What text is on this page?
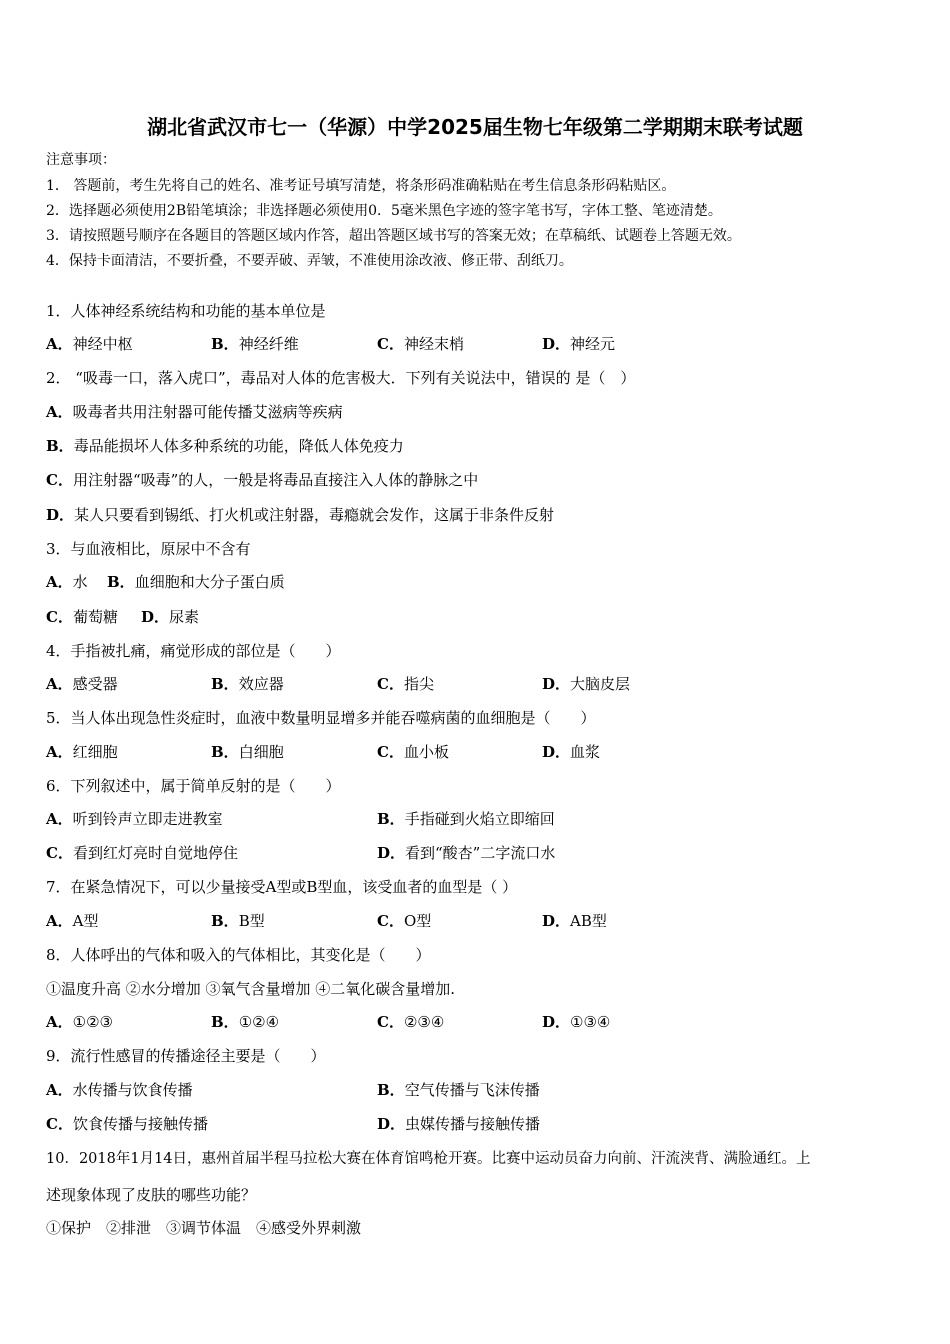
湖北省武汉市七一（华源）中学2025届生物七年级第二学期期末联考试题
注意事项：
1． 答题前，考生先将自己的姓名、准考证号填写清楚，将条形码准确粘贴在考生信息条形码粘贴区。
2．选择题必须使用2B铅笔填涂；非选择题必须使用0．5毫米黑色字迹的签字笔书写，字体工整、笔迹清楚。
3．请按照题号顺序在各题目的答题区域内作答，超出答题区域书写的答案无效；在草稿纸、试题卷上答题无效。
4．保持卡面清洁，不要折叠，不要弄破、弄皱，不准使用涂改液、修正带、刮纸刀。
1．人体神经系统结构和功能的基本单位是
A．神经中枢	B．神经纤维	C．神经末梢	D．神经元
2． “吸毒一口，落入虎口”，毒品对人体的危害极大．下列有关说法中，错误的 是（　）
A．吸毒者共用注射器可能传播艾滋病等疾病
B．毒品能损坏人体多种系统的功能，降低人体免疫力
C．用注射器“吸毒”的人，一般是将毒品直接注入人体的静脉之中
D．某人只要看到锡纸、打火机或注射器，毒瘾就会发作，这属于非条件反射
3．与血液相比，原尿中不含有
A．水 B．血细胞和大分子蛋白质
C．葡萄糖 D．尿素
4．手指被扎痛，痛觉形成的部位是（　　）
A．感受器	B．效应器	C．指尖	D．大脑皮层
5．当人体出现急性炎症时，血液中数量明显增多并能吞噬病菌的血细胞是（　　）
A．红细胞	B．白细胞	C．血小板	D．血浆
6．下列叙述中，属于简单反射的是（　　）
A．听到铃声立即走进教室	B．手指碰到火焰立即缩回
C．看到红灯亮时自觉地停住	D．看到“酸杏”二字流口水
7．在紧急情况下，可以少量接受A型或B型血，该受血者的血型是（ ）
A．A型	B．B型	C．O型	D．AB型
8．人体呼出的气体和吸入的气体相比，其变化是（　　）
①温度升高 ②水分增加 ③氧气含量增加 ④二氧化碳含量增加.
A．①②③	B．①②④	C．②③④	D．①③④
9．流行性感冒的传播途径主要是（　　）
A．水传播与饮食传播	B．空气传播与飞沫传播
C．饮食传播与接触传播	D．虫媒传播与接触传播
10．2018年1月14日，惠州首届半程马拉松大赛在体育馆鸣枪开赛。比赛中运动员奋力向前、汗流浃背、满脸通红。上
述现象体现了皮肤的哪些功能？
①保护　②排泄　③调节体温　④感受外界刺激
